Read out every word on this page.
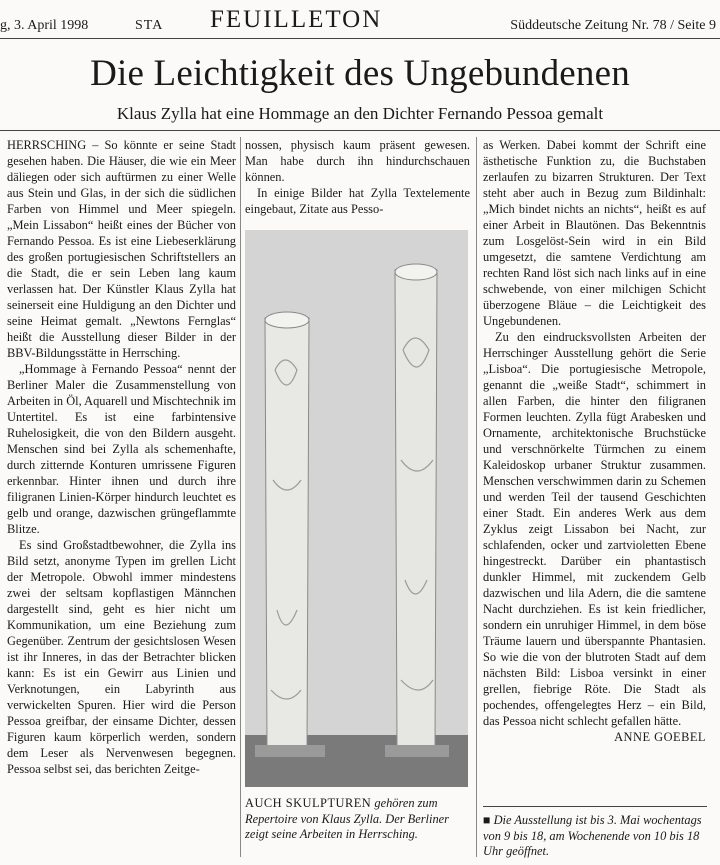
g, 3. April 1998	STA FEUILLETON	Süddeutsche Zeitung Nr. 78 / Seite 9
Die Leichtigkeit des Ungebundenen
Klaus Zylla hat eine Hommage an den Dichter Fernando Pessoa gemalt

HERRSCHING – So könnte er seine Stadt gesehen haben. Die Häuser, die wie ein Meer däliegen oder sich auftürmen zu einer Welle aus Stein und Glas, in der sich die südlichen Farben von Himmel und Meer spiegeln. „Mein Lissabon“ heißt eines der Bücher von Fernando Pessoa. Es ist eine Liebeserklärung des großen portugiesischen Schriftstellers an die Stadt, die er sein Leben lang kaum verlassen hat. Der Künstler Klaus Zylla hat seinerseit eine Huldigung an den Dichter und seine Heimat gemalt. „Newtons Fernglas“ heißt die Ausstellung dieser Bilder in der BBV-Bildungsstätte in Herrsching.

„Hommage à Fernando Pessoa“ nennt der Berliner Maler die Zusammenstellung von Arbeiten in Öl, Aquarell und Mischtechnik im Untertitel. Es ist eine farbintensive Ruhelosigkeit, die von den Bildern ausgeht. Menschen sind bei Zylla als schemenhafte, durch zitternde Konturen umrissene Figuren erkennbar. Hinter ihnen und durch ihre filigranen Linien-Körper hindurch leuchtet es gelb und orange, dazwischen grüngeflammte Blitze.

Es sind Großstadtbewohner, die Zylla ins Bild setzt, anonyme Typen im grellen Licht der Metropole. Obwohl immer mindestens zwei der seltsam kopflastigen Männchen dargestellt sind, geht es hier nicht um Kommunikation, um eine Beziehung zum Gegenüber. Zentrum der gesichtslosen Wesen ist ihr Inneres, in das der Betrachter blicken kann: Es ist ein Gewirr aus Linien und Verknotungen, ein Labyrinth aus verwickelten Spuren. Hier wird die Person Pessoa greifbar, der einsame Dichter, dessen Figuren kaum körperlich werden, sondern dem Leser als Nervenwesen begegnen. Pessoa selbst sei, das berichten Zeitge-

nossen, physisch kaum präsent gewesen. Man habe durch ihn hindurchschauen können.

In einige Bilder hat Zylla Textelemente eingebaut, Zitate aus Pesso-

AUCH SKULPTUREN gehören zum Repertoire von Klaus Zylla. Der Berliner zeigt seine Arbeiten in Herrsching.

as Werken. Dabei kommt der Schrift eine ästhetische Funktion zu, die Buchstaben zerlaufen zu bizarren Strukturen. Der Text steht aber auch in Bezug zum Bildinhalt: „Mich bindet nichts an nichts“, heißt es auf einer Arbeit in Blautönen. Das Bekenntnis zum Losgelöst-Sein wird in ein Bild umgesetzt, die samtene Verdichtung am rechten Rand löst sich nach links auf in eine schwebende, von einer milchigen Schicht überzogene Bläue – die Leichtigkeit des Ungebundenen.

Zu den eindrucksvollsten Arbeiten der Herrschinger Ausstellung gehört die Serie „Lisboa“. Die portugiesische Metropole, genannt die „weiße Stadt“, schimmert in allen Farben, die hinter den filigranen Formen leuchten. Zylla fügt Arabesken und Ornamente, architektonische Bruchstücke und verschnörkelte Türmchen zu einem Kaleidoskop urbaner Struktur zusammen. Menschen verschwimmen darin zu Schemen und werden Teil der tausend Geschichten einer Stadt. Ein anderes Werk aus dem Zyklus zeigt Lissabon bei Nacht, zur schlafenden, ocker und zartvioletten Ebene hingestreckt. Darüber ein phantastisch dunkler Himmel, mit zuckendem Gelb dazwischen und lila Adern, die die samtene Nacht durchziehen. Es ist kein friedlicher, sondern ein unruhiger Himmel, in dem böse Träume lauern und überspannte Phantasien. So wie die von der blutroten Stadt auf dem nächsten Bild: Lisboa versinkt in einer grellen, fiebrige Röte. Die Stadt als pochendes, offengelegtes Herz – ein Bild, das Pessoa nicht schlecht gefallen hätte.

ANNE GOEBEL

■ Die Ausstellung ist bis 3. Mai wochentags von 9 bis 18, am Wochenende von 10 bis 18 Uhr geöffnet.
